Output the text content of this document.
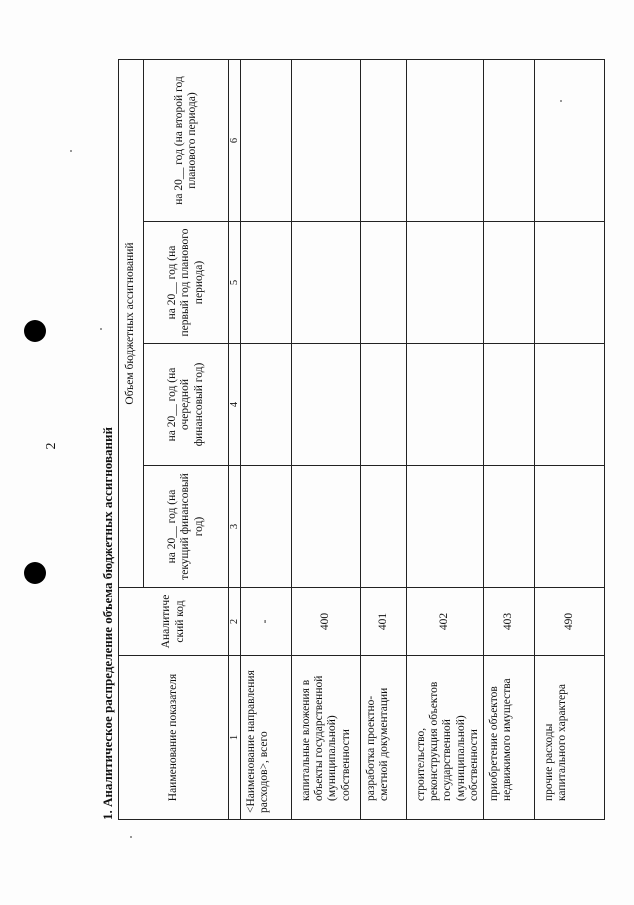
2	1. Аналитическое распределение объема бюджетных ассигнований	Наименование показателя	Аналитиче ский код	Объем бюджетных ассигнований			
		на 20__ год (на текущий финансовый год)	на 20__ год (на очередной финансовый год)	на 20__ год (на первый год планового периода)	на 20__ год (на второй год планового периода)
1	2	3	4	5	6
<Наименование направления расходов>, всего	-				
капитальные вложения в объекты государственной (муниципальной) собственности	400				
разработка проектно-сметной документации	401				
строительство, реконструкция объектов государственной (муниципальной) собственности	402				
приобретение объектов недвижимого имущества	403				
прочие расходы капитального характера	490				
